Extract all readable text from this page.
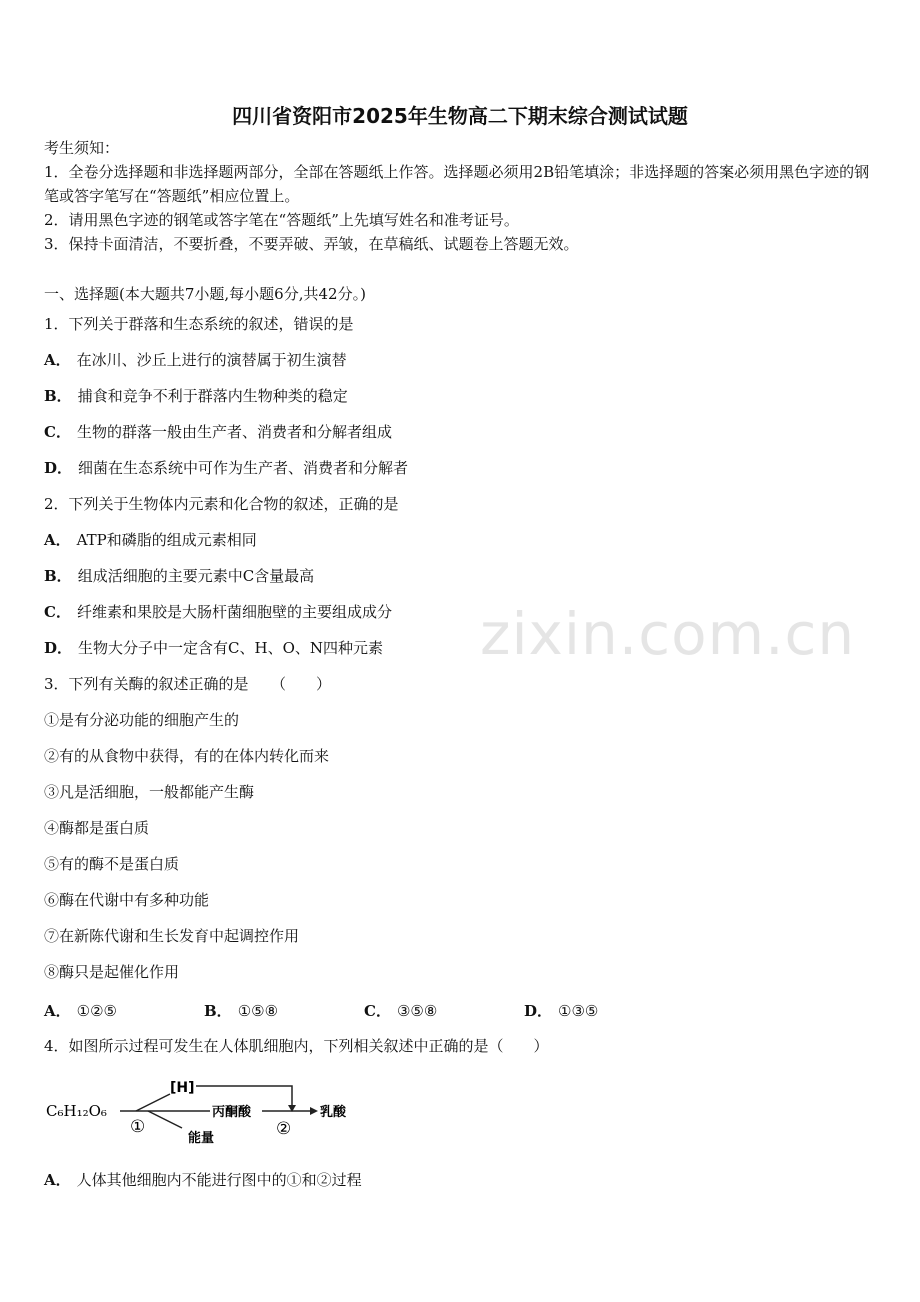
zixin.com.cn
四川省资阳市2025年生物高二下期末综合测试试题
考生须知：
1．全卷分选择题和非选择题两部分，全部在答题纸上作答。选择题必须用2B铅笔填涂；非选择题的答案必须用黑色字迹的钢笔或答字笔写在“答题纸”相应位置上。
2．请用黑色字迹的钢笔或答字笔在“答题纸”上先填写姓名和准考证号。
3．保持卡面清洁，不要折叠，不要弄破、弄皱，在草稿纸、试题卷上答题无效。
一、选择题(本大题共7小题,每小题6分,共42分。)
1．下列关于群落和生态系统的叙述，错误的是
A． 在冰川、沙丘上进行的演替属于初生演替
B． 捕食和竞争不利于群落内生物种类的稳定
C． 生物的群落一般由生产者、消费者和分解者组成
D． 细菌在生态系统中可作为生产者、消费者和分解者
2．下列关于生物体内元素和化合物的叙述，正确的是
A． ATP和磷脂的组成元素相同
B． 组成活细胞的主要元素中C含量最高
C． 纤维素和果胶是大肠杆菌细胞壁的主要组成成分
D． 生物大分子中一定含有C、H、O、N四种元素
3．下列有关酶的叙述正确的是　　（　　）
①是有分泌功能的细胞产生的
②有的从食物中获得，有的在体内转化而来
③凡是活细胞，一般都能产生酶
④酶都是蛋白质
⑤有的酶不是蛋白质
⑥酶在代谢中有多种功能
⑦在新陈代谢和生长发育中起调控作用
⑧酶只是起催化作用
A． ①②⑤	B． ①⑤⑧	C． ③⑤⑧	D． ①③⑤
4．如图所示过程可发生在人体肌细胞内，下列相关叙述中正确的是（　　）
C₆H₁₂O₆
[H]
能量
①
丙酮酸
②
乳酸
A． 人体其他细胞内不能进行图中的①和②过程
